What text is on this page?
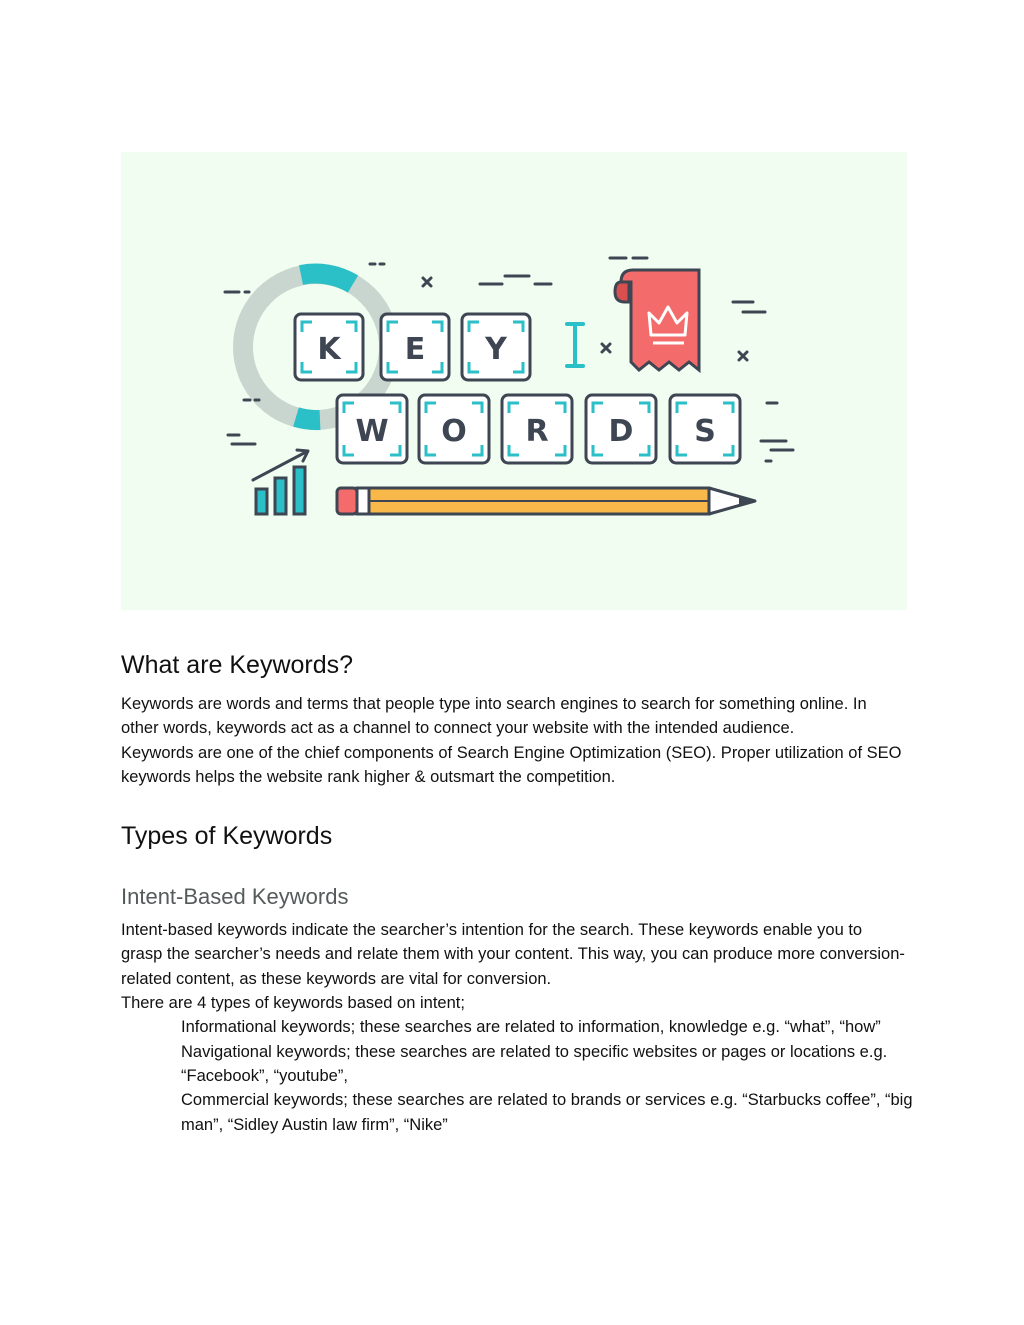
K E Y
W O R D S
What are Keywords?

Keywords are words and terms that people type into search engines to search for something online. In other words, keywords act as a channel to connect your website with the intended audience.

Keywords are one of the chief components of Search Engine Optimization (SEO). Proper utilization of SEO keywords helps the website rank higher & outsmart the competition.

Types of Keywords
Intent-Based Keywords

Intent-based keywords indicate the searcher’s intention for the search. These keywords enable you to grasp the searcher’s needs and relate them with your content. This way, you can produce more conversion-related content, as these keywords are vital for conversion.

There are 4 types of keywords based on intent;

Informational keywords; these searches are related to information, knowledge e.g. “what”, “how”
Navigational keywords; these searches are related to specific websites or pages or locations e.g. “Facebook”, “youtube”,
Commercial keywords; these searches are related to brands or services e.g. “Starbucks coffee”, “big man”, “Sidley Austin law firm”, “Nike”
